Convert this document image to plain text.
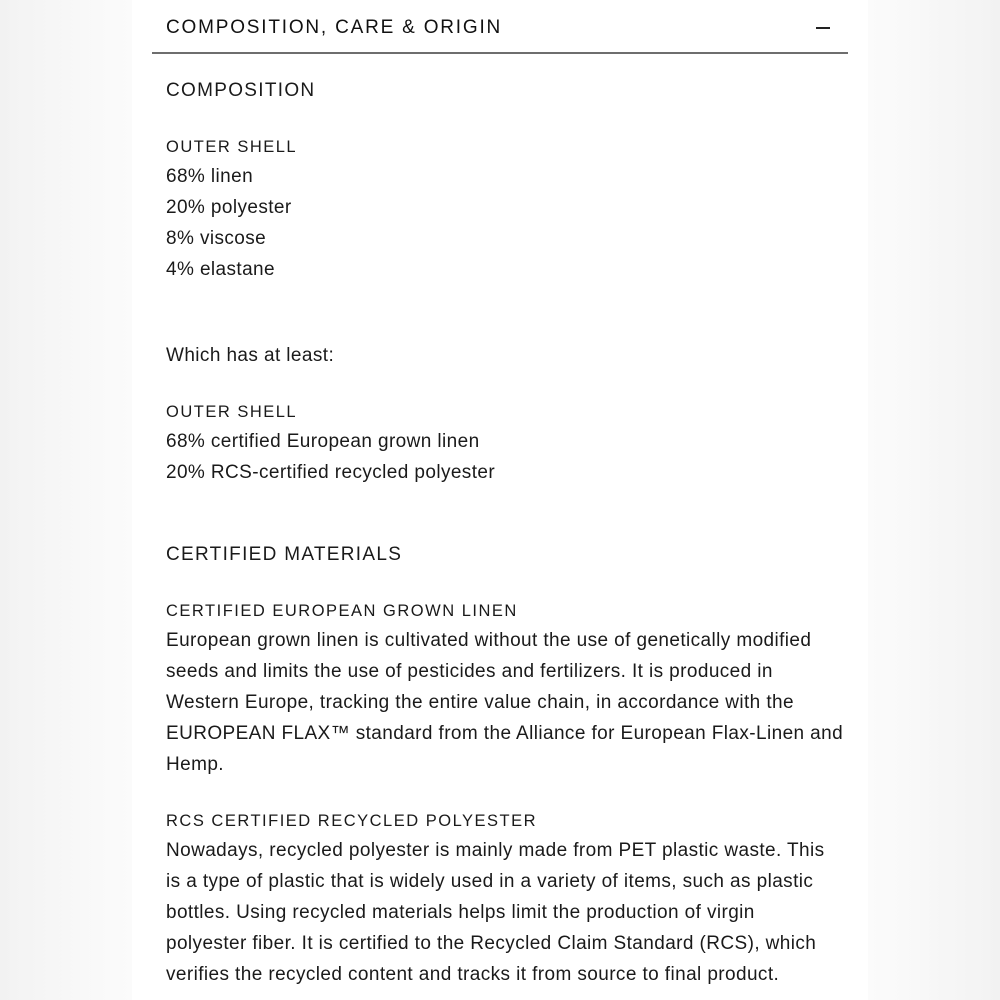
COMPOSITION, CARE & ORIGIN
COMPOSITION
OUTER SHELL
68% linen
20% polyester
8% viscose
4% elastane
Which has at least:
OUTER SHELL
68% certified European grown linen
20% RCS-certified recycled polyester
CERTIFIED MATERIALS
CERTIFIED EUROPEAN GROWN LINEN
European grown linen is cultivated without the use of genetically modified
seeds and limits the use of pesticides and fertilizers. It is produced in
Western Europe, tracking the entire value chain, in accordance with the
EUROPEAN FLAX™ standard from the Alliance for European Flax-Linen and
Hemp.
RCS CERTIFIED RECYCLED POLYESTER
Nowadays, recycled polyester is mainly made from PET plastic waste. This
is a type of plastic that is widely used in a variety of items, such as plastic
bottles. Using recycled materials helps limit the production of virgin
polyester fiber. It is certified to the Recycled Claim Standard (RCS), which
verifies the recycled content and tracks it from source to final product.
